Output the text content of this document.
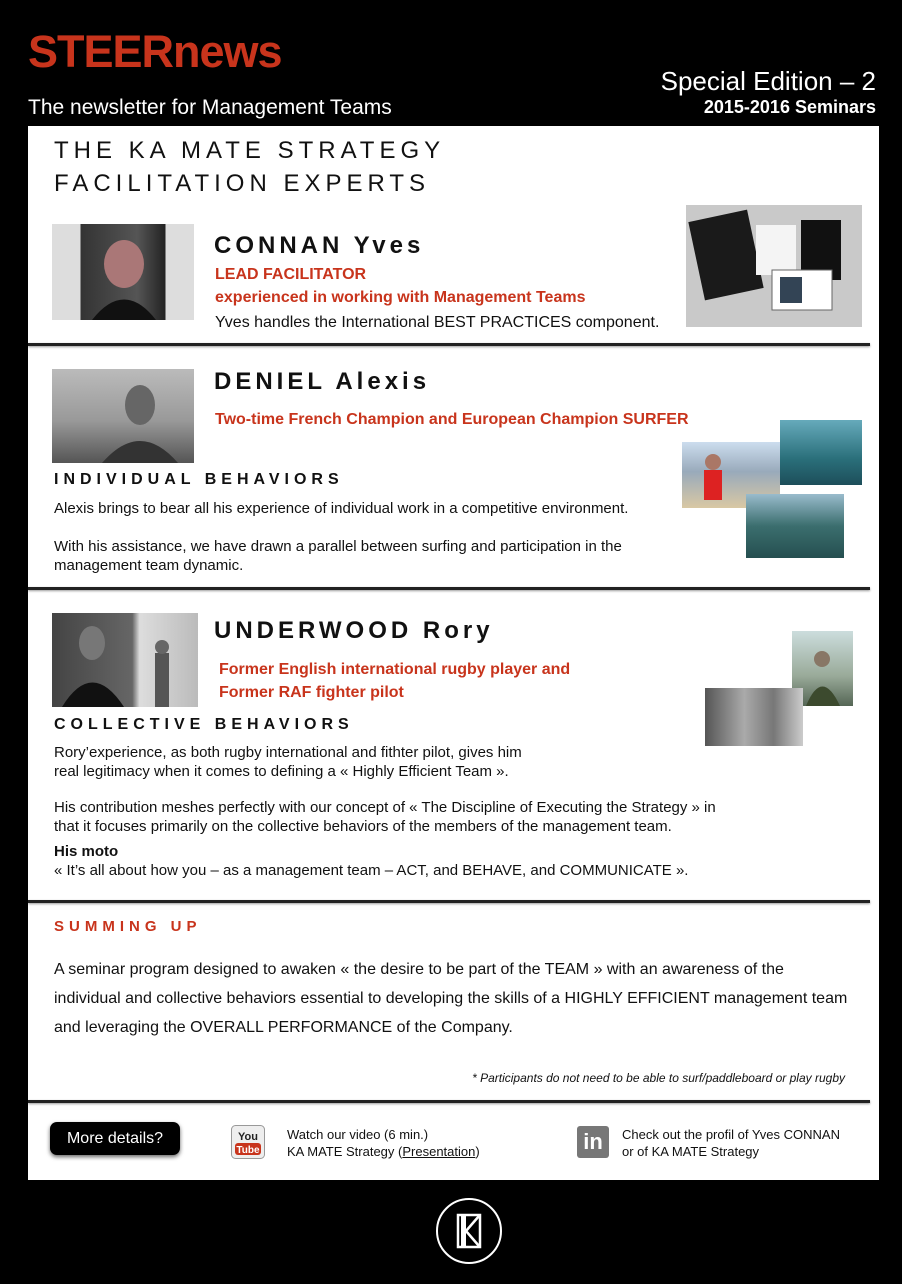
STEERnews
The newsletter for Management Teams
Special Edition – 2
2015-2016 Seminars
THE KA MATE STRATEGY
FACILITATION EXPERTS
CONNAN Yves
LEAD FACILITATOR
experienced in working with Management Teams
Yves handles the International BEST PRACTICES component.
DENIEL Alexis
Two-time French Champion and European Champion SURFER
INDIVIDUAL BEHAVIORS
Alexis brings to bear all his experience of individual work in a competitive environment.
With his assistance, we have drawn a parallel between surfing and participation in the management team dynamic.
UNDERWOOD Rory
Former English international rugby player and
Former RAF fighter pilot
COLLECTIVE BEHAVIORS
Rory’experience, as both rugby international and fithter pilot, gives him real legitimacy when it comes to defining a « Highly Efficient Team ».
His contribution meshes perfectly with our concept of « The Discipline of Executing the Strategy » in that it focuses primarily on the collective behaviors of the members of the management team.
His moto
« It’s all about how you – as a management team – ACT, and BEHAVE, and COMMUNICATE ».
SUMMING UP
A seminar program designed to awaken « the desire to be part of the TEAM » with an awareness of the individual and collective behaviors essential to developing the skills of a HIGHLY EFFICIENT management team and leveraging the OVERALL PERFORMANCE of the Company.
* Participants do not need to be able to surf/paddleboard or play rugby
More details?	You
Tube
Watch our video (6 min.)
KA MATE Strategy (Presentation)	in	Check out the profil of Yves CONNAN
or of KA MATE Strategy
